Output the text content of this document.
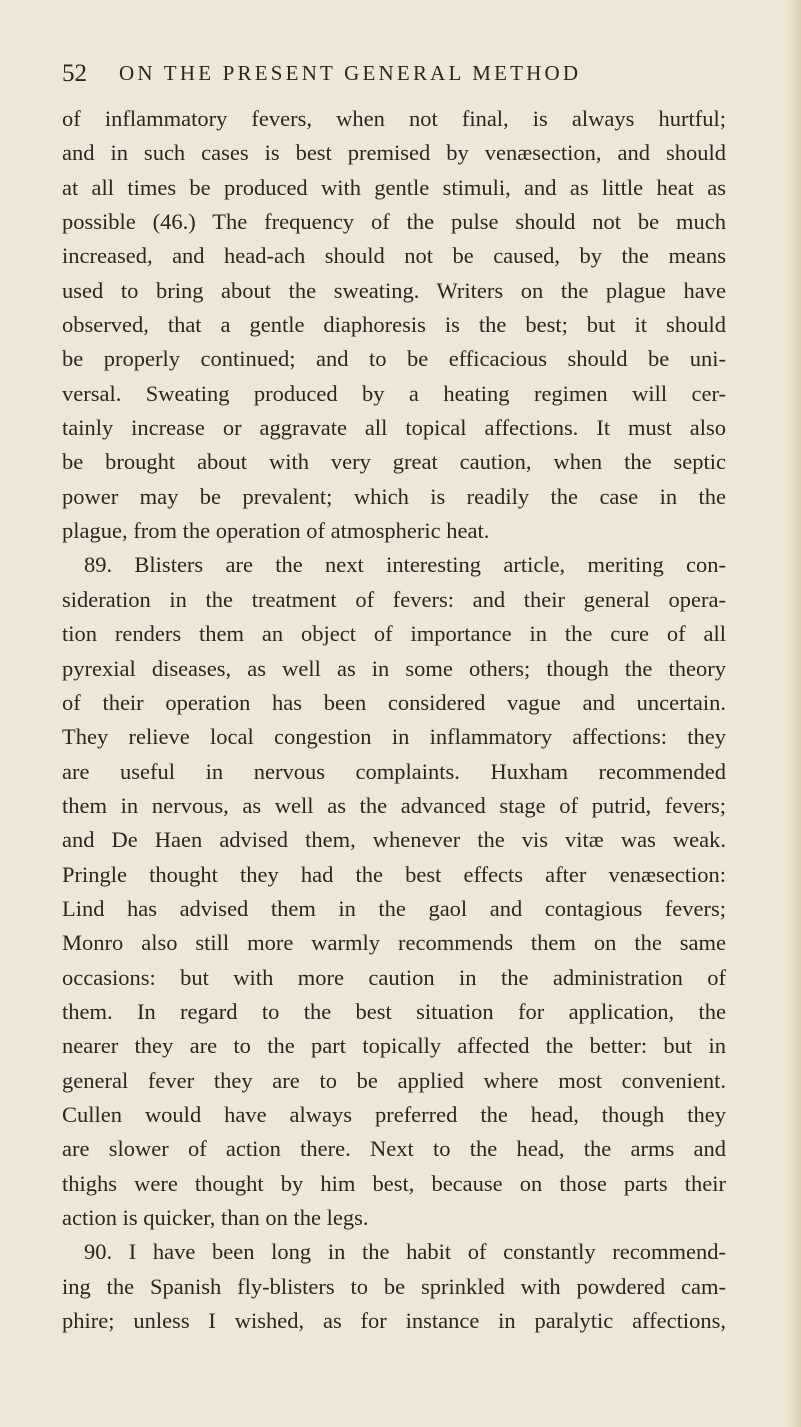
52 ON THE PRESENT GENERAL METHOD
of inflammatory fevers, when not final, is always hurtful;
and in such cases is best premised by venæsection, and should
at all times be produced with gentle stimuli, and as little heat as
possible (46.) The frequency of the pulse should not be much
increased, and head-ach should not be caused, by the means
used to bring about the sweating. Writers on the plague have
observed, that a gentle diaphoresis is the best; but it should
be properly continued; and to be efficacious should be uni-
versal. Sweating produced by a heating regimen will cer-
tainly increase or aggravate all topical affections. It must also
be brought about with very great caution, when the septic
power may be prevalent; which is readily the case in the
plague, from the operation of atmospheric heat.
89. Blisters are the next interesting article, meriting con-
sideration in the treatment of fevers: and their general opera-
tion renders them an object of importance in the cure of all
pyrexial diseases, as well as in some others; though the theory
of their operation has been considered vague and uncertain.
They relieve local congestion in inflammatory affections: they
are useful in nervous complaints. Huxham recommended
them in nervous, as well as the advanced stage of putrid, fevers;
and De Haen advised them, whenever the vis vitæ was weak.
Pringle thought they had the best effects after venæsection:
Lind has advised them in the gaol and contagious fevers;
Monro also still more warmly recommends them on the same
occasions: but with more caution in the administration of
them. In regard to the best situation for application, the
nearer they are to the part topically affected the better: but in
general fever they are to be applied where most convenient.
Cullen would have always preferred the head, though they
are slower of action there. Next to the head, the arms and
thighs were thought by him best, because on those parts their
action is quicker, than on the legs.
90. I have been long in the habit of constantly recommend-
ing the Spanish fly-blisters to be sprinkled with powdered cam-
phire; unless I wished, as for instance in paralytic affections,
